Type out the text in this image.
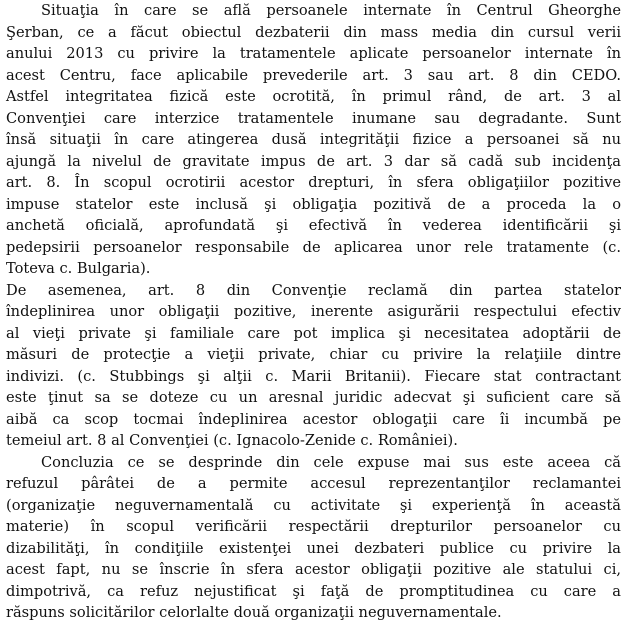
Situaţia în care se află persoanele internate în Centrul Gheorghe
Şerban, ce a făcut obiectul dezbaterii din mass media din cursul verii
anului 2013 cu privire la tratamentele aplicate persoanelor internate în
acest Centru, face aplicabile prevederile art. 3 sau art. 8 din CEDO.
Astfel integritatea fizică este ocrotită, în primul rând, de art. 3 al
Convenţiei care interzice tratamentele inumane sau degradante. Sunt
însă situaţii în care atingerea dusă integrităţii fizice a persoanei să nu
ajungă la nivelul de gravitate impus de art. 3 dar să cadă sub incidenţa
art. 8. În scopul ocrotirii acestor drepturi, în sfera obligaţiilor pozitive
impuse statelor este inclusă şi obligaţia pozitivă de a proceda la o
anchetă oficială, aprofundată şi efectivă în vederea identificării şi
pedepsirii persoanelor responsabile de aplicarea unor rele tratamente (c.
Toteva c. Bulgaria).
De asemenea, art. 8 din Convenţie reclamă din partea statelor
îndeplinirea unor obligaţii pozitive, inerente asigurării respectului efectiv
al vieţi private şi familiale care pot implica şi necesitatea adoptării de
măsuri de protecţie a vieţii private, chiar cu privire la relaţiile dintre
indivizi. (c. Stubbings şi alţii c. Marii Britanii). Fiecare stat contractant
este ţinut sa se doteze cu un aresnal juridic adecvat şi suficient care să
aibă ca scop tocmai îndeplinirea acestor oblogaţii care îi incumbă pe
temeiul art. 8 al Convenţiei (c. Ignacolo-Zenide c. României).
Concluzia ce se desprinde din cele expuse mai sus este aceea că
refuzul pârâtei de a permite accesul reprezentanţilor reclamantei
(organizaţie neguvernamentală cu activitate şi experienţă în această
materie) în scopul verificării respectării drepturilor persoanelor cu
dizabilităţi, în condiţiile existenţei unei dezbateri publice cu privire la
acest fapt, nu se înscrie în sfera acestor obligaţii pozitive ale statului ci,
dimpotrivă, ca refuz nejustificat şi faţă de promptitudinea cu care a
răspuns solicitărilor celorlalte două organizaţii neguvernamentale.
